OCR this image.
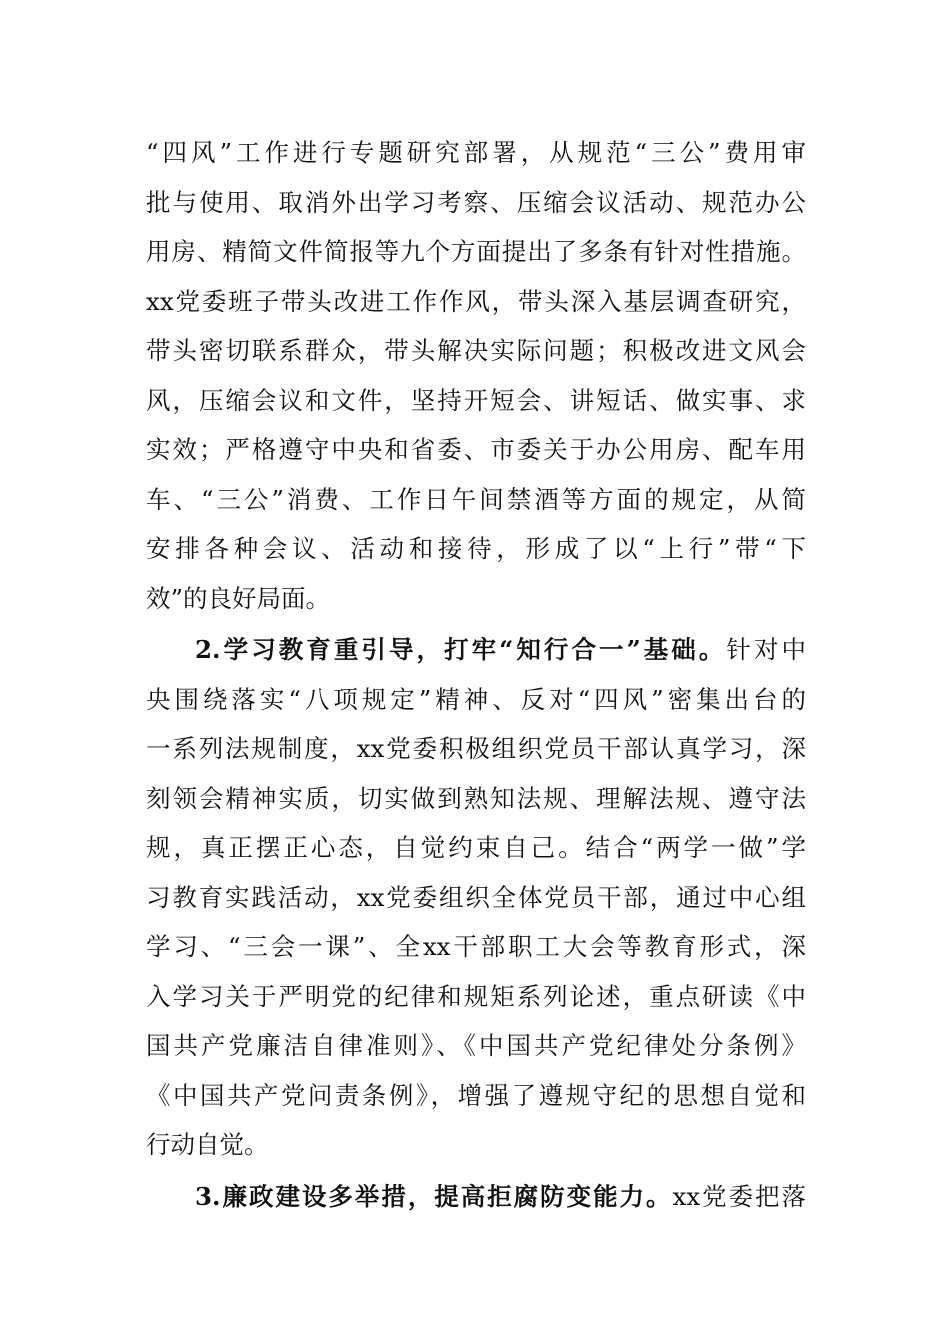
“四风”工作进行专题研究部署，从规范“三公”费用审
批与使用、取消外出学习考察、压缩会议活动、规范办公
用房、精简文件简报等九个方面提出了多条有针对性措施。
xx党委班子带头改进工作作风，带头深入基层调查研究，
带头密切联系群众，带头解决实际问题；积极改进文风会
风，压缩会议和文件，坚持开短会、讲短话、做实事、求
实效；严格遵守中央和省委、市委关于办公用房、配车用
车、“三公”消费、工作日午间禁酒等方面的规定，从简
安排各种会议、活动和接待，形成了以“上行”带“下
效”的良好局面。
2.学习教育重引导，打牢“知行合一”基础。针对中
央围绕落实“八项规定”精神、反对“四风”密集出台的
一系列法规制度，xx党委积极组织党员干部认真学习，深
刻领会精神实质，切实做到熟知法规、理解法规、遵守法
规，真正摆正心态，自觉约束自己。结合“两学一做”学
习教育实践活动，xx党委组织全体党员干部，通过中心组
学习、“三会一课”、全xx干部职工大会等教育形式，深
入学习关于严明党的纪律和规矩系列论述，重点研读《中
国共产党廉洁自律准则》、《中国共产党纪律处分条例》
《中国共产党问责条例》，增强了遵规守纪的思想自觉和
行动自觉。
3.廉政建设多举措，提高拒腐防变能力。xx党委把落
